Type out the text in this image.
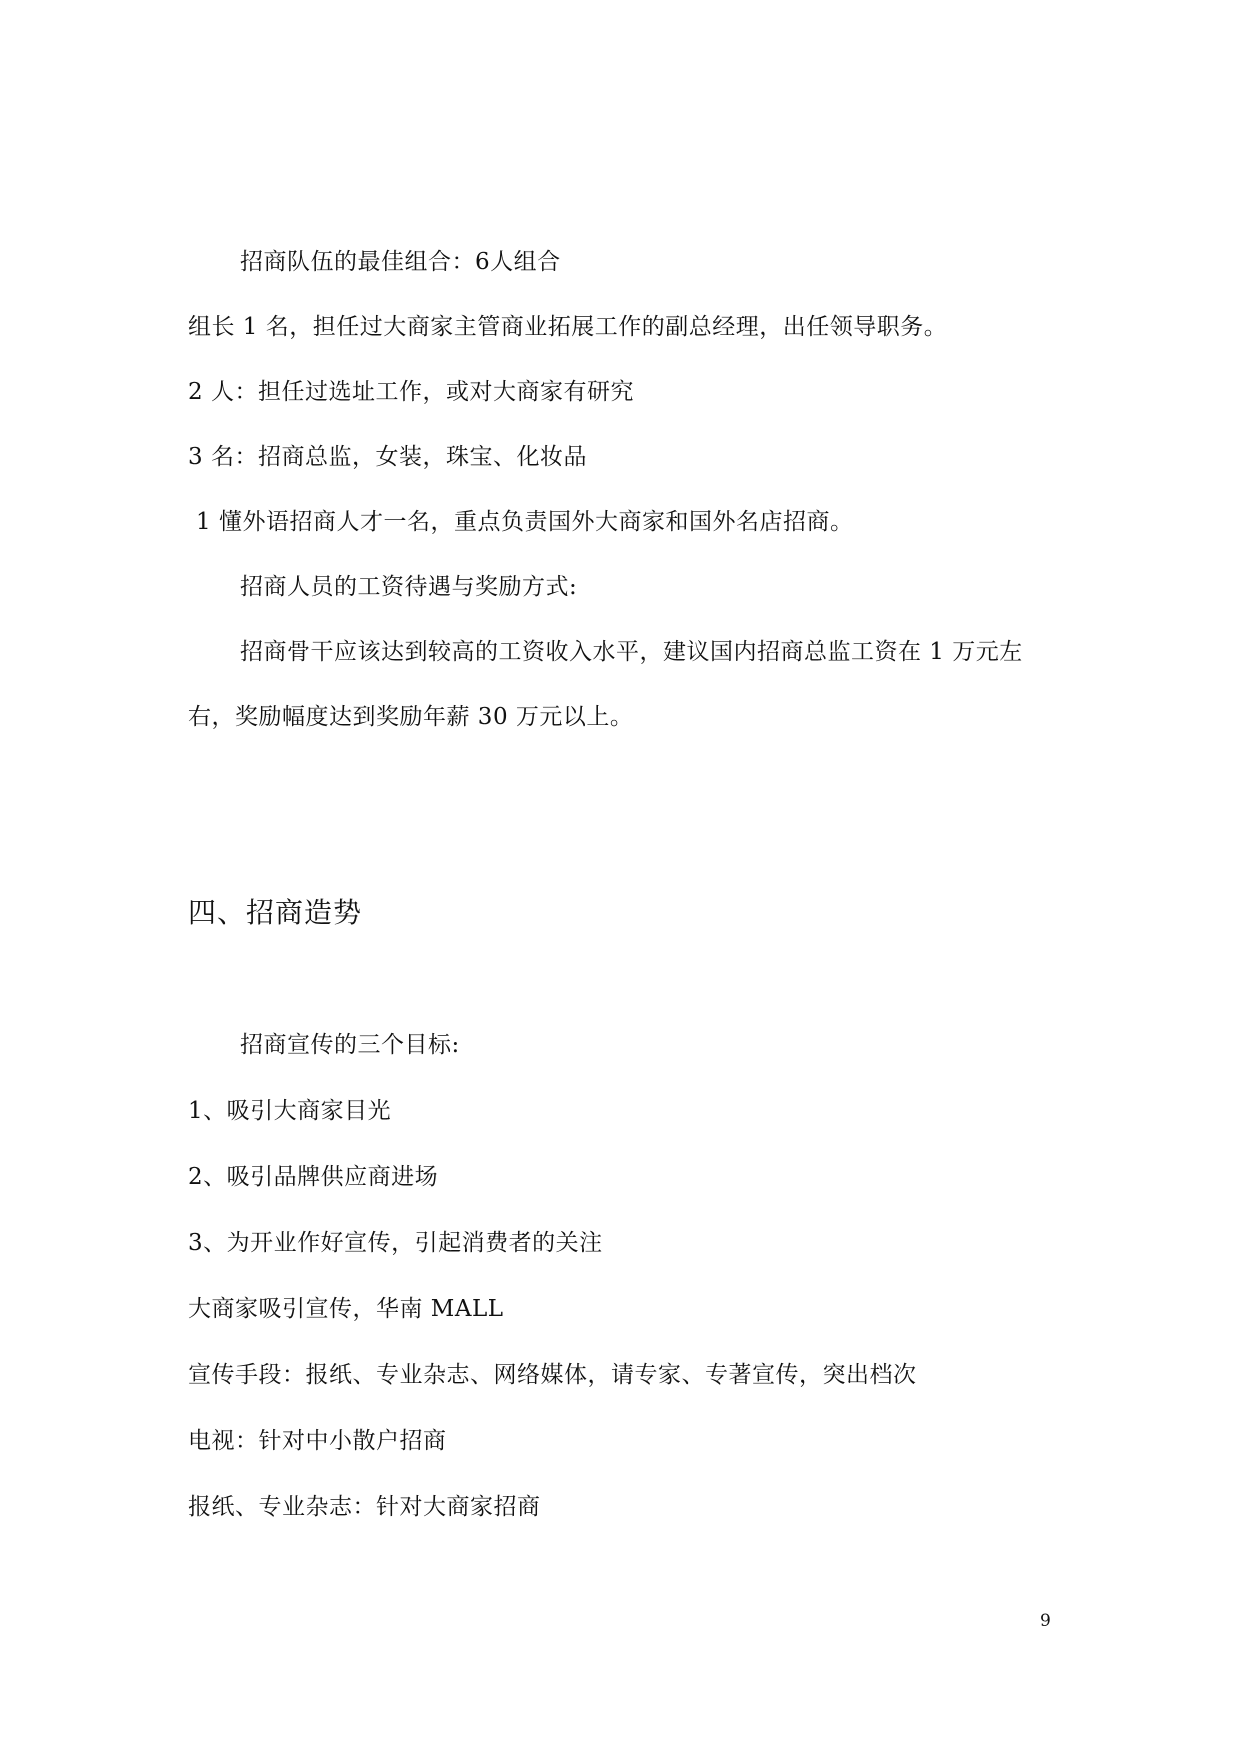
招商队伍的最佳组合：6人组合
组长 1 名，担任过大商家主管商业拓展工作的副总经理，出任领导职务。
2 人：担任过选址工作，或对大商家有研究
3 名：招商总监，女装，珠宝、化妆品
1 懂外语招商人才一名，重点负责国外大商家和国外名店招商。
招商人员的工资待遇与奖励方式:
招商骨干应该达到较高的工资收入水平，建议国内招商总监工资在 1 万元左
右，奖励幅度达到奖励年薪 30 万元以上。
四、招商造势
招商宣传的三个目标:
1、吸引大商家目光
2、吸引品牌供应商进场
3、为开业作好宣传，引起消费者的关注
大商家吸引宣传，华南 MALL
宣传手段：报纸、专业杂志、网络媒体，请专家、专著宣传，突出档次
电视：针对中小散户招商
报纸、专业杂志：针对大商家招商
9
